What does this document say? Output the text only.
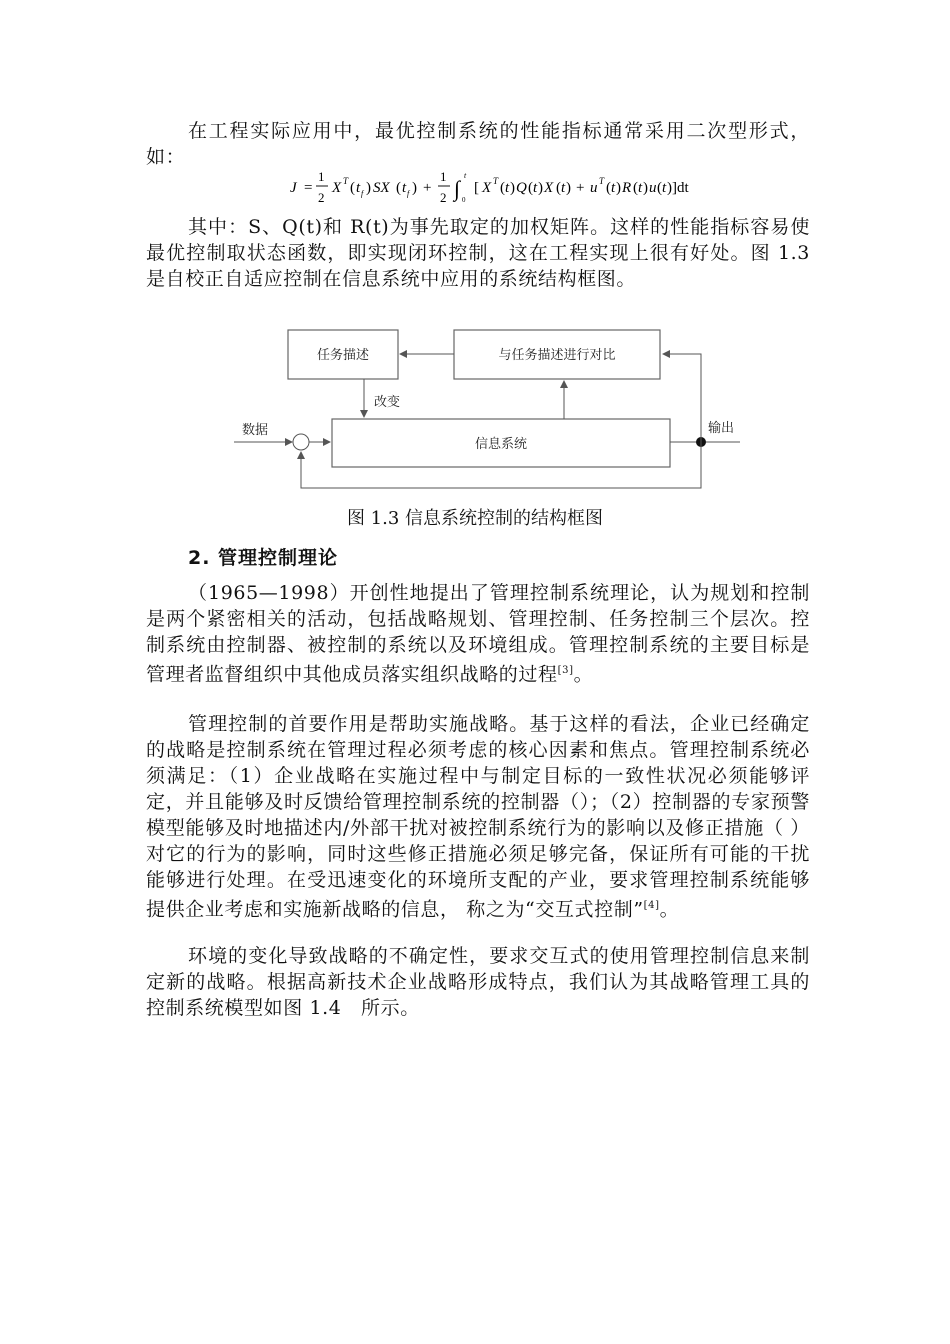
在工程实际应用中，最优控制系统的性能指标通常采用二次型形式，如：

J =
1
2
X T ( t f ) SX ( t f ) +
1
2 ∫
t
0
[ X T ( t ) Q ( t ) X ( t ) + u T ( t ) R ( t ) u ( t )]dt

其中：S、Q(t)和 R(t)为事先取定的加权矩阵。这样的性能指标容易使最优控制取状态函数，即实现闭环控制，这在工程实现上很有好处。图 1.3 是自校正自适应控制在信息系统中应用的系统结构框图。

任务描述	与任务描述进行对比
信息系统
改变
数据	输出
图 1.3 信息系统控制的结构框图
2. 管理控制理论

（1965—1998）开创性地提出了管理控制系统理论，认为规划和控制是两个紧密相关的活动，包括战略规划、管理控制、任务控制三个层次。控制系统由控制器、被控制的系统以及环境组成。管理控制系统的主要目标是管理者监督组织中其他成员落实组织战略的过程[3]。

管理控制的首要作用是帮助实施战略。基于这样的看法，企业已经确定的战略是控制系统在管理过程必须考虑的核心因素和焦点。管理控制系统必须满足：（1）企业战略在实施过程中与制定目标的一致性状况必须能够评定，并且能够及时反馈给管理控制系统的控制器（）；（2）控制器的专家预警模型能够及时地描述内/外部干扰对被控制系统行为的影响以及修正措施（ ）对它的行为的影响，同时这些修正措施必须足够完备，保证所有可能的干扰能够进行处理。在受迅速变化的环境所支配的产业，要求管理控制系统能够提供企业考虑和实施新战略的信息， 称之为“交互式控制”[4]。

环境的变化导致战略的不确定性，要求交互式的使用管理控制信息来制定新的战略。根据高新技术企业战略形成特点，我们认为其战略管理工具的控制系统模型如图 1.4　所示。
